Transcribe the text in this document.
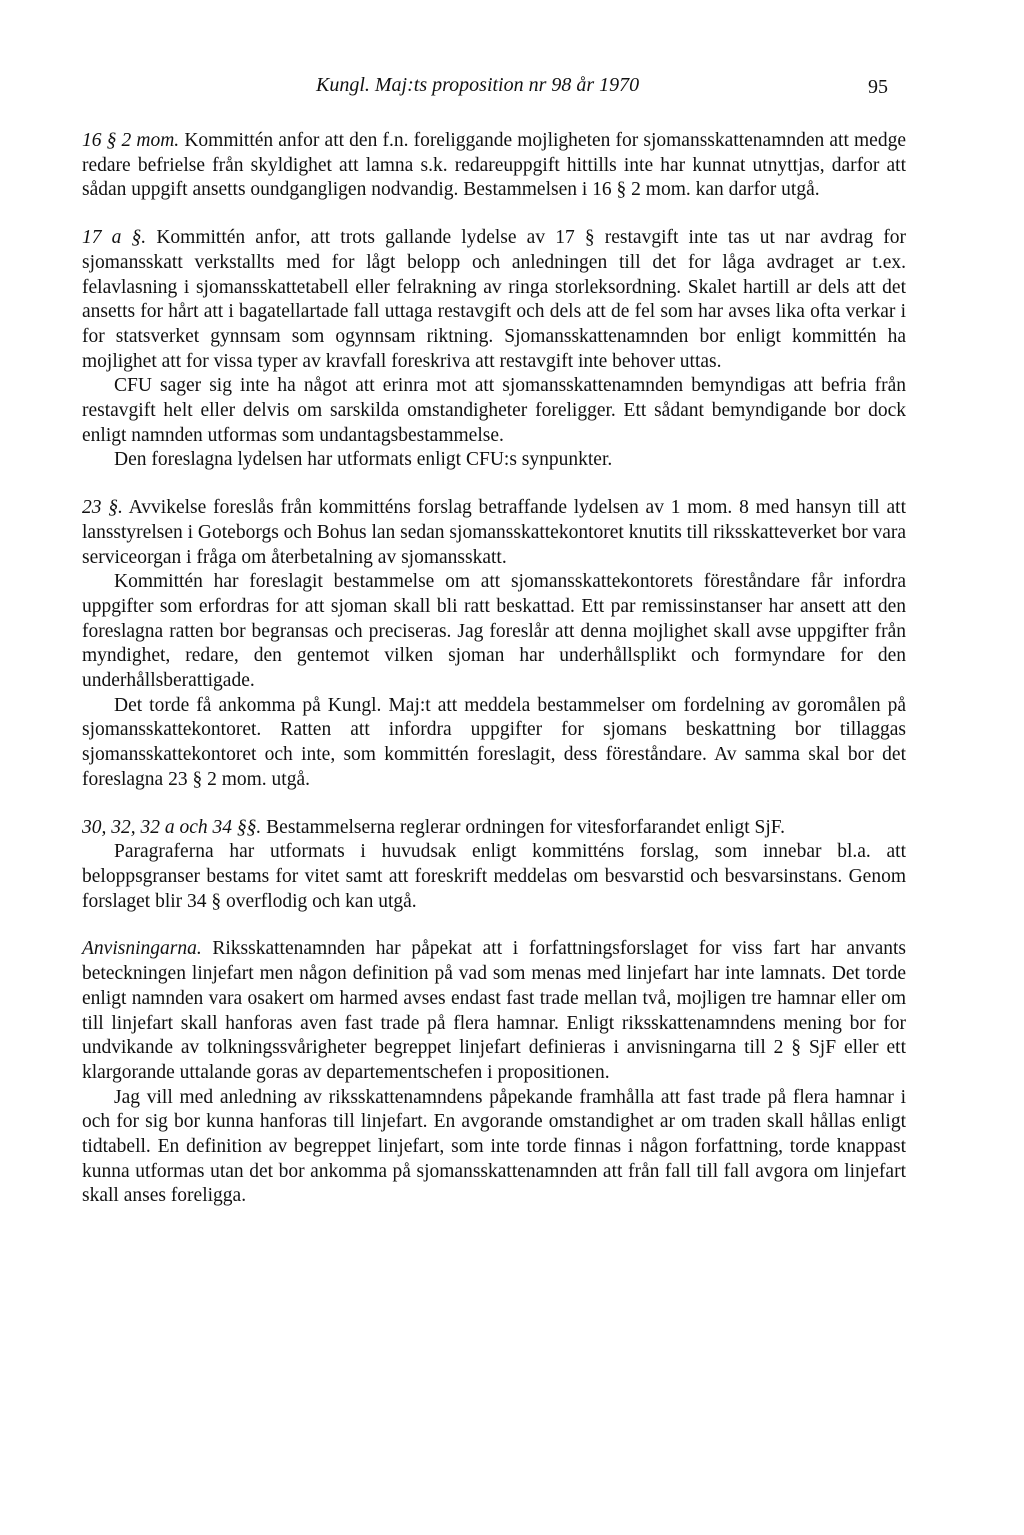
Kungl. Maj:ts proposition nr 98 år 1970	95

16 § 2 mom. Kommittén anfor att den f.n. foreliggande mojligheten for sjomansskattenamnden att medge redare befrielse från skyldighet att lamna s.k. redareuppgift hittills inte har kunnat utnyttjas, darfor att sådan uppgift ansetts oundgangligen nodvandig. Bestammelsen i 16 § 2 mom. kan darfor utgå.

17 a §. Kommittén anfor, att trots gallande lydelse av 17 § restavgift inte tas ut nar avdrag for sjomansskatt verkstallts med for lågt belopp och anledningen till det for låga avdraget ar t.ex. felavlasning i sjomansskattetabell eller felrakning av ringa storleksordning. Skalet hartill ar dels att det ansetts for hårt att i bagatellartade fall uttaga restavgift och dels att de fel som har avses lika ofta verkar i for statsverket gynnsam som ogynnsam riktning. Sjomansskattenamnden bor enligt kommittén ha mojlighet att for vissa typer av kravfall foreskriva att restavgift inte behover uttas.

CFU sager sig inte ha något att erinra mot att sjomansskattenamnden bemyndigas att befria från restavgift helt eller delvis om sarskilda omstandigheter foreligger. Ett sådant bemyndigande bor dock enligt namnden utformas som undantagsbestammelse.

Den foreslagna lydelsen har utformats enligt CFU:s synpunkter.

23 §. Avvikelse foreslås från kommitténs forslag betraffande lydelsen av 1 mom. 8 med hansyn till att lansstyrelsen i Goteborgs och Bohus lan sedan sjomansskattekontoret knutits till riksskatteverket bor vara serviceorgan i fråga om återbetalning av sjomansskatt.

Kommittén har foreslagit bestammelse om att sjomansskattekontorets föreståndare får infordra uppgifter som erfordras for att sjoman skall bli ratt beskattad. Ett par remissinstanser har ansett att den foreslagna ratten bor begransas och preciseras. Jag foreslår att denna mojlighet skall avse uppgifter från myndighet, redare, den gentemot vilken sjoman har underhållsplikt och formyndare for den underhållsberattigade.

Det torde få ankomma på Kungl. Maj:t att meddela bestammelser om fordelning av goromålen på sjomansskattekontoret. Ratten att infordra uppgifter for sjomans beskattning bor tillaggas sjomansskattekontoret och inte, som kommittén foreslagit, dess föreståndare. Av samma skal bor det foreslagna 23 § 2 mom. utgå.

30, 32, 32 a och 34 §§. Bestammelserna reglerar ordningen for vitesforfarandet enligt SjF.

Paragraferna har utformats i huvudsak enligt kommitténs forslag, som innebar bl.a. att beloppsgranser bestams for vitet samt att foreskrift meddelas om besvarstid och besvarsinstans. Genom forslaget blir 34 § overflodig och kan utgå.

Anvisningarna. Riksskattenamnden har påpekat att i forfattningsforslaget for viss fart har anvants beteckningen linjefart men någon definition på vad som menas med linjefart har inte lamnats. Det torde enligt namnden vara osakert om harmed avses endast fast trade mellan två, mojligen tre hamnar eller om till linjefart skall hanforas aven fast trade på flera hamnar. Enligt riksskattenamndens mening bor for undvikande av tolkningssvårigheter begreppet linjefart definieras i anvisningarna till 2 § SjF eller ett klargorande uttalande goras av departementschefen i propositionen.

Jag vill med anledning av riksskattenamndens påpekande framhålla att fast trade på flera hamnar i och for sig bor kunna hanforas till linjefart. En avgorande omstandighet ar om traden skall hållas enligt tidtabell. En definition av begreppet linjefart, som inte torde finnas i någon forfattning, torde knappast kunna utformas utan det bor ankomma på sjomansskattenamnden att från fall till fall avgora om linjefart skall anses foreligga.
